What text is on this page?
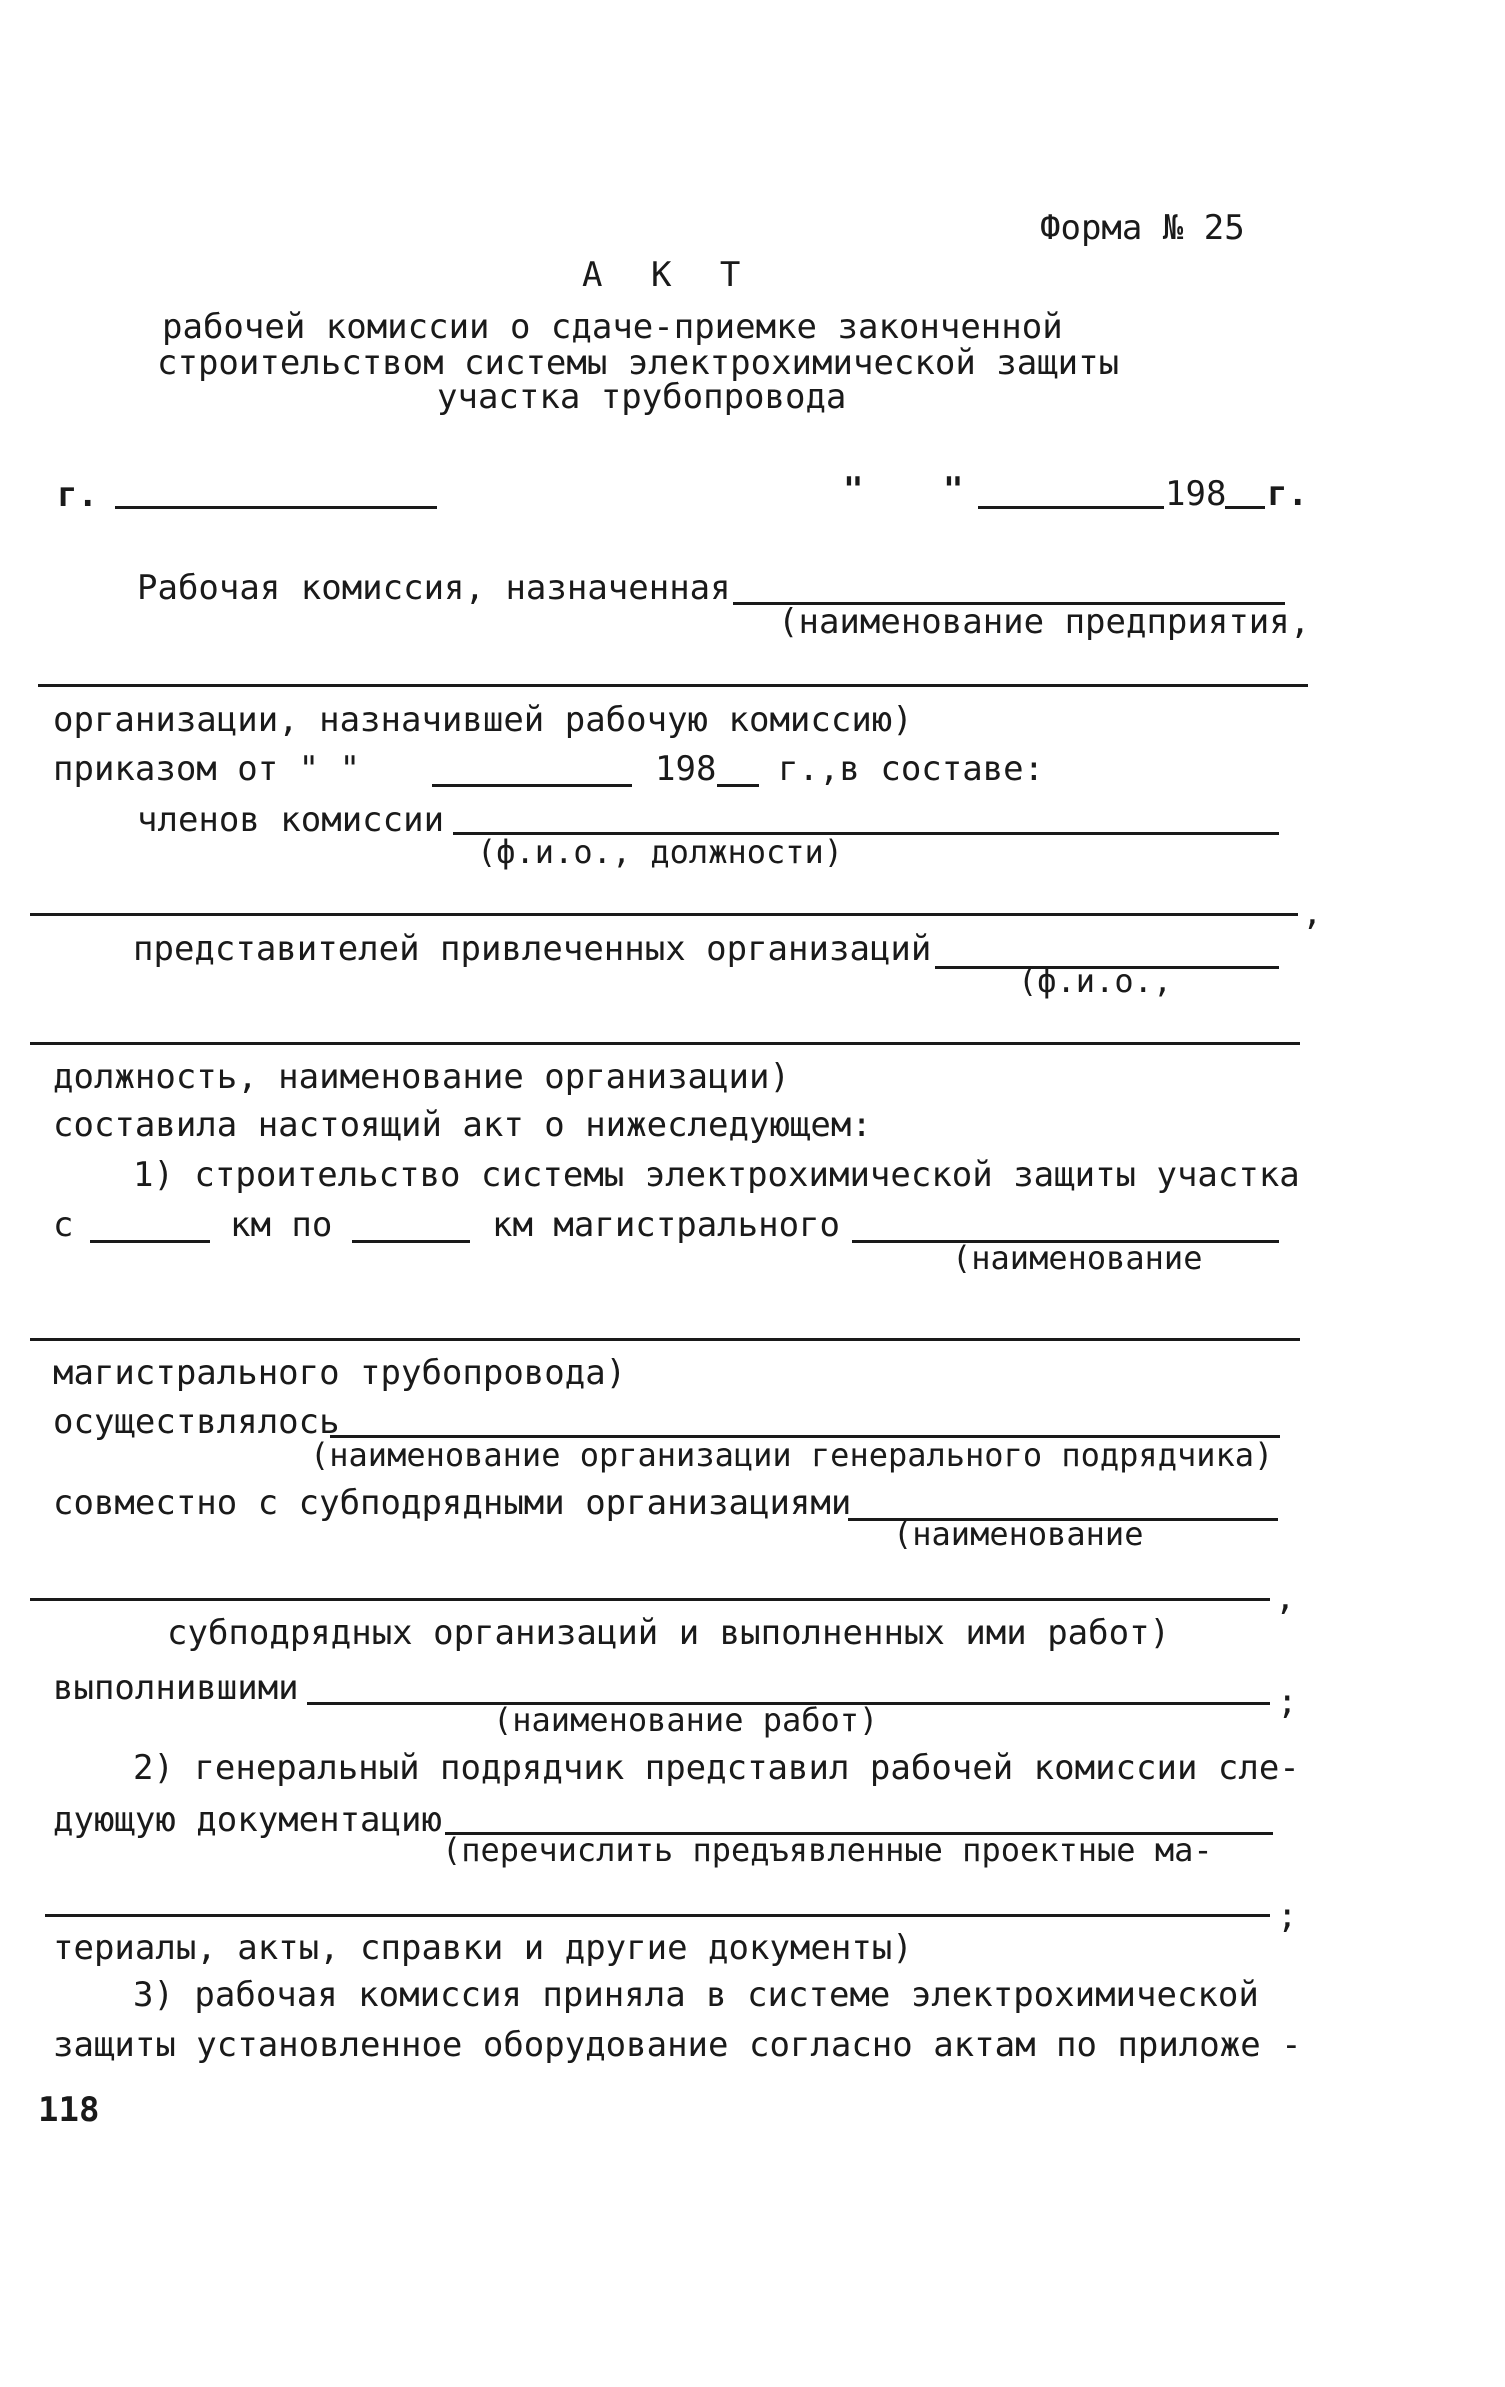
Форма № 25
А К Т
рабочей комиссии о сдаче-приемке законченной
строительством системы электрохимической защиты
участка трубопровода
г.	" "	198 г.
Рабочая комиссия, назначенная
(наименование предприятия,
организации, назначившей рабочую комиссию)
приказом от " "	198 г.,в составе:
членов комиссии
(ф.и.о., должности)
,
представителей привлеченных организаций
(ф.и.о.,
должность, наименование организации)
составила настоящий акт о нижеследующем:
1) строительство системы электрохимической защиты участка
с	км по	км магистрального
(наименование
магистрального трубопровода)
осуществлялось
(наименование организации генерального подрядчика)
совместно с субподрядными организациями
(наименование
,
субподрядных организаций и выполненных ими работ)
выполнившими
(наименование работ)	;
2) генеральный подрядчик представил рабочей комиссии сле-
дующую документацию
(перечислить предъявленные проектные ма-
;
териалы, акты, справки и другие документы)
3) рабочая комиссия приняла в системе электрохимической
защиты установленное оборудование согласно актам по приложе -
118
